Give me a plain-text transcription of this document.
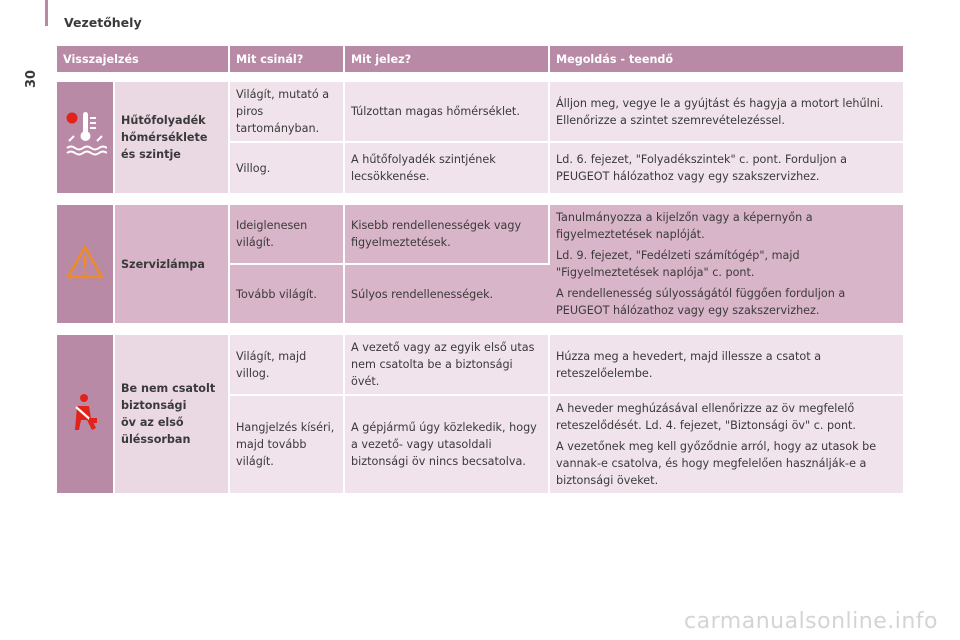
Vezetőhely
30
Visszajelzés		Mit csinál?	Mit jelez?	Megoldás - teendő

	Hűtőfolyadék
hőmérséklete
és szintje	Világít, mutató a piros tartományban.	Túlzottan magas hőmérséklet.	Álljon meg, vegye le a gyújtást és hagyja a motort lehűlni. Ellenőrizze a szintet szemrevételezéssel.

		Villog.	A hűtőfolyadék szintjének lecsökkenése.	Ld. 6. fejezet, "Folyadékszintek" c. pont. Forduljon a PEUGEOT hálózathoz vagy egy szakszervizhez.

	Szervizlámpa	Ideiglenesen világít.	Kisebb rendellenességek vagy figyelmeztetések.	Tanulmányozza a kijelzőn vagy a képernyőn a figyelmeztetések naplóját.

Ld. 9. fejezet, "Fedélzeti számítógép", majd "Figyelmeztetések naplója" c. pont.

A rendellenesség súlyosságától függően forduljon a PEUGEOT hálózathoz vagy egy szakszervizhez.

		Tovább világít.	Súlyos rendellenességek.	

	Be nem csatolt
biztonsági
öv az első
üléssorban	Világít, majd villog.	A vezető vagy az egyik első utas nem csatolta be a biztonsági övét.	Húzza meg a hevedert, majd illessze a csatot a reteszelőelembe.

		Hangjelzés kíséri, majd tovább világít.	A gépjármű úgy közlekedik, hogy a vezető- vagy utasoldali biztonsági öv nincs becsatolva.	A heveder meghúzásával ellenőrizze az öv megfelelő reteszelődését. Ld. 4. fejezet, "Biztonsági öv" c. pont.

A vezetőnek meg kell győződnie arról, hogy az utasok be vannak-e csatolva, és hogy megfelelően használják-e a biztonsági öveket.

carmanualsonline.info
